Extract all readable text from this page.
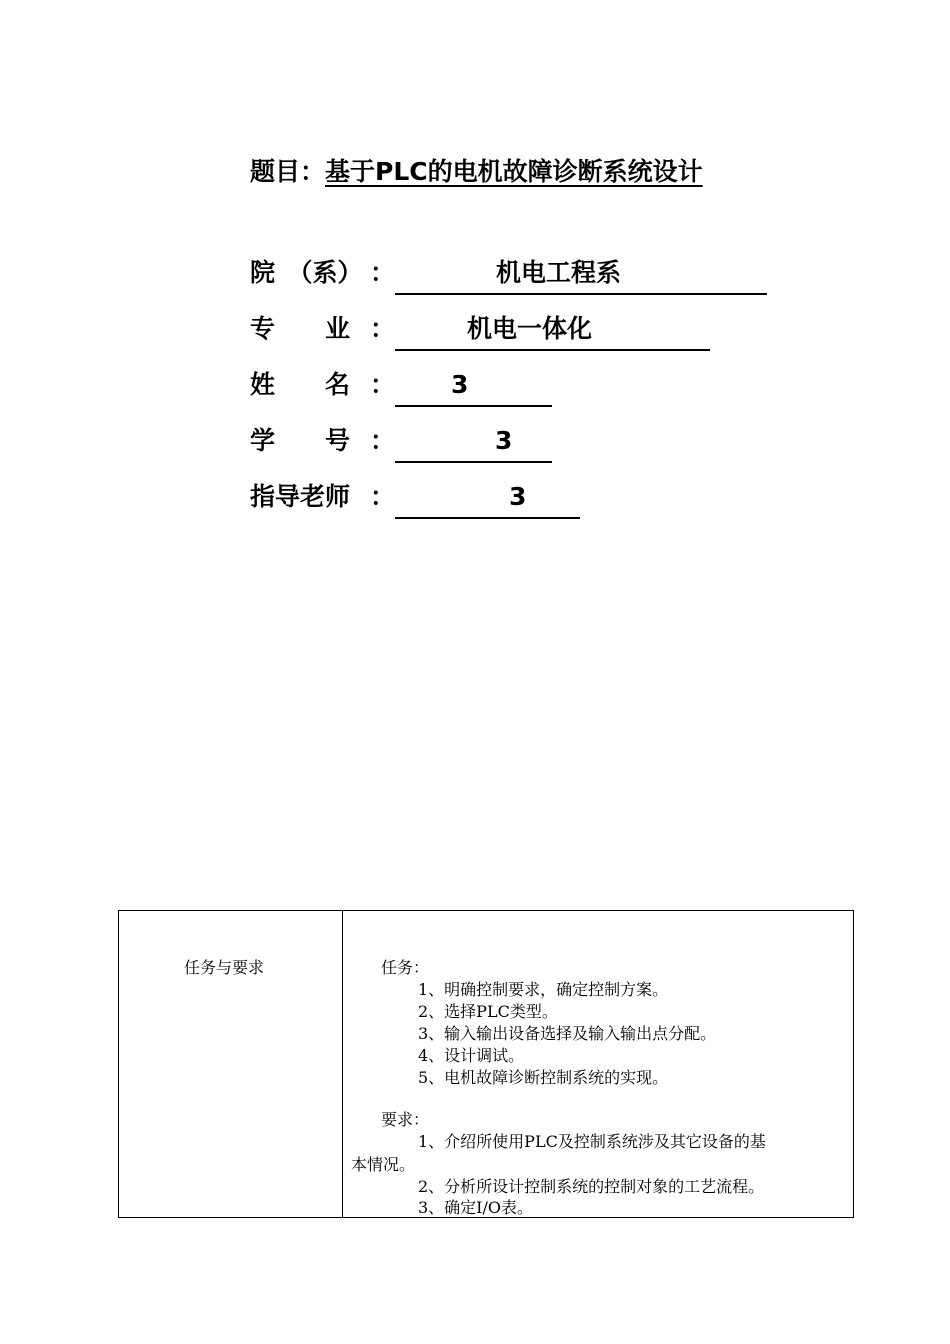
题目：基于PLC的电机故障诊断系统设计
院　（系） ：	机电工程系
专　　业 ：	机电一体化
姓　　名 ： 3
学　　号 ：	3
指导老师 ：	3
任务与要求	任务：
1、明确控制要求，确定控制方案。
2、选择PLC类型。
3、输入输出设备选择及输入输出点分配。
4、设计调试。
5、电机故障诊断控制系统的实现。
要求：
1、介绍所使用PLC及控制系统涉及其它设备的基
本情况。
2、分析所设计控制系统的控制对象的工艺流程。
3、确定I/O表。
